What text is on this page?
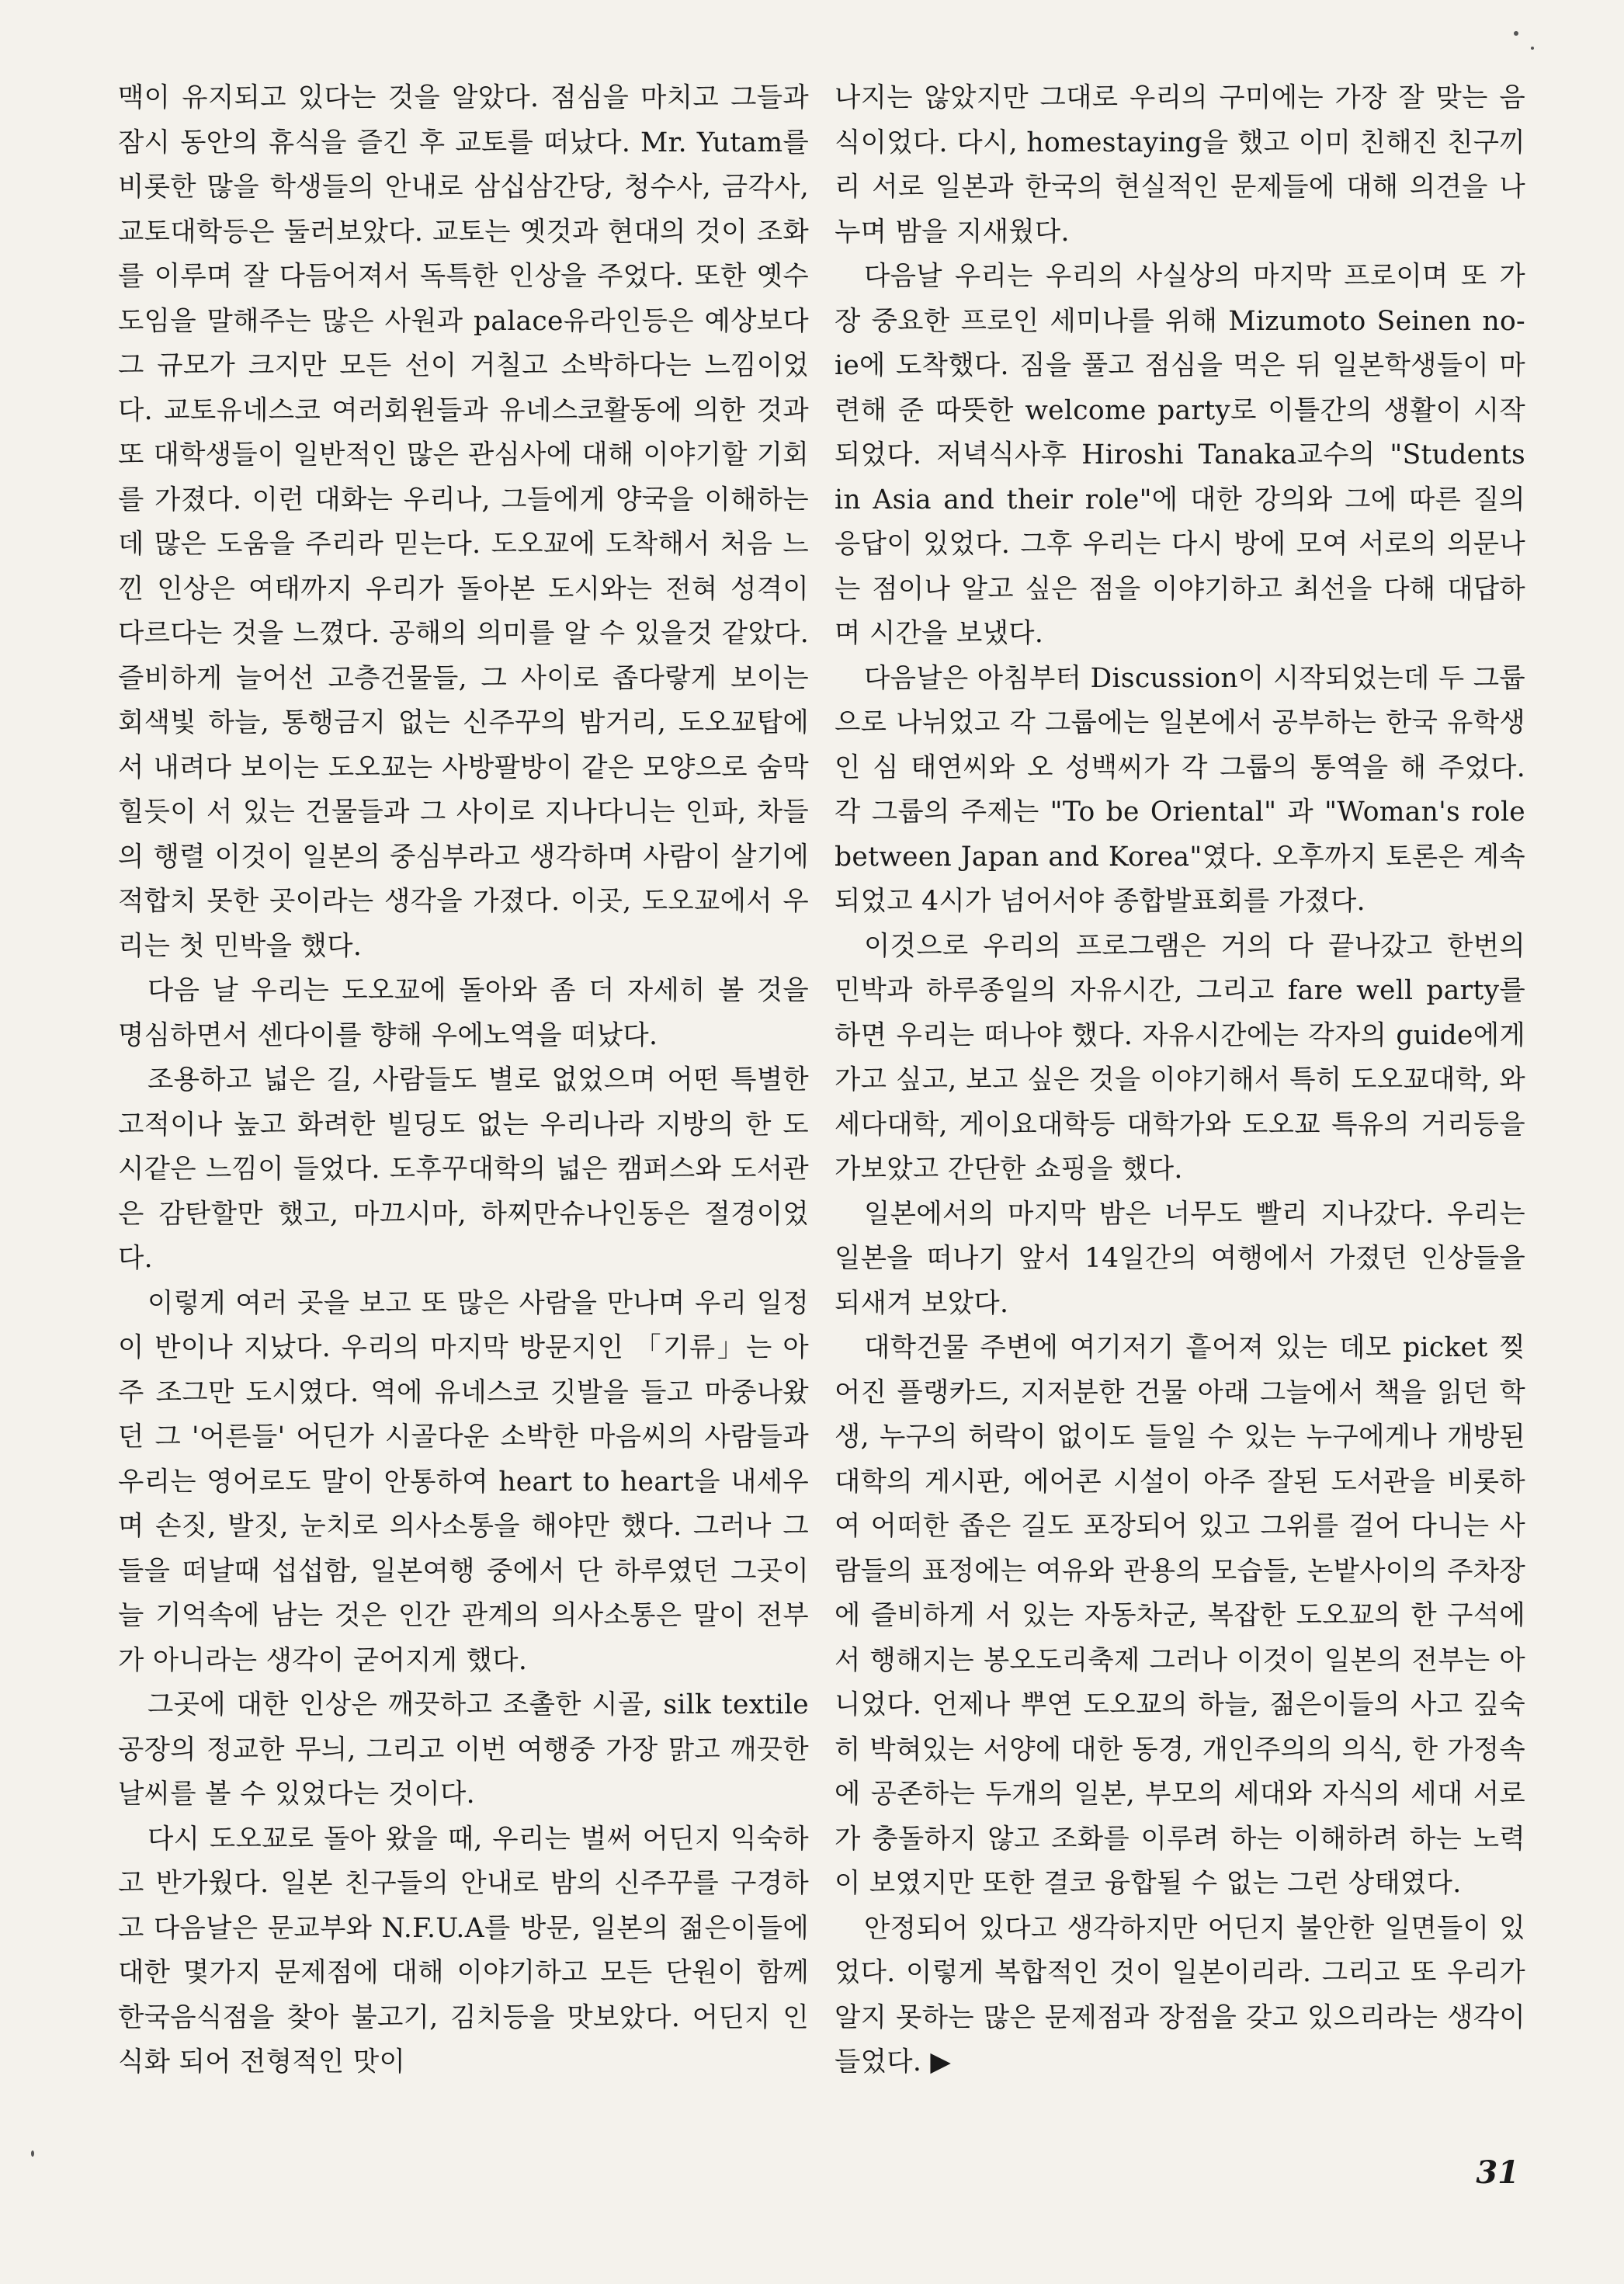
맥이 유지되고 있다는 것을 알았다. 점심을 마치고 그들과 잠시 동안의 휴식을 즐긴 후 교토를 떠났다. Mr. Yutam를 비롯한 많을 학생들의 안내로 삼십삼간당, 청수사, 금각사, 교토대학등은 둘러보았다. 교토는 옛것과 현대의 것이 조화를 이루며 잘 다듬어져서 독특한 인상을 주었다. 또한 옛수도임을 말해주는 많은 사원과 palace유라인등은 예상보다 그 규모가 크지만 모든 선이 거칠고 소박하다는 느낌이었다. 교토유네스코 여러회원들과 유네스코활동에 의한 것과 또 대학생들이 일반적인 많은 관심사에 대해 이야기할 기회를 가졌다. 이런 대화는 우리나, 그들에게 양국을 이해하는데 많은 도움을 주리라 믿는다. 도오꾜에 도착해서 처음 느낀 인상은 여태까지 우리가 돌아본 도시와는 전혀 성격이 다르다는 것을 느꼈다. 공해의 의미를 알 수 있을것 같았다. 즐비하게 늘어선 고층건물들, 그 사이로 좁다랗게 보이는 회색빛 하늘, 통행금지 없는 신주꾸의 밤거리, 도오꾜탑에서 내려다 보이는 도오꾜는 사방팔방이 같은 모양으로 숨막힐듯이 서 있는 건물들과 그 사이로 지나다니는 인파, 차들의 행렬 이것이 일본의 중심부라고 생각하며 사람이 살기에 적합치 못한 곳이라는 생각을 가졌다. 이곳, 도오꾜에서 우리는 첫 민박을 했다.

다음 날 우리는 도오꾜에 돌아와 좀 더 자세히 볼 것을 명심하면서 센다이를 향해 우에노역을 떠났다.

조용하고 넓은 길, 사람들도 별로 없었으며 어떤 특별한 고적이나 높고 화려한 빌딩도 없는 우리나라 지방의 한 도시같은 느낌이 들었다. 도후꾸대학의 넓은 캠퍼스와 도서관은 감탄할만 했고, 마끄시마, 하찌만슈나인동은 절경이었다.

이렇게 여러 곳을 보고 또 많은 사람을 만나며 우리 일정이 반이나 지났다. 우리의 마지막 방문지인 「기류」는 아주 조그만 도시였다. 역에 유네스코 깃발을 들고 마중나왔던 그 '어른들' 어딘가 시골다운 소박한 마음씨의 사람들과 우리는 영어로도 말이 안통하여 heart to heart을 내세우며 손짓, 발짓, 눈치로 의사소통을 해야만 했다. 그러나 그들을 떠날때 섭섭함, 일본여행 중에서 단 하루였던 그곳이 늘 기억속에 남는 것은 인간 관계의 의사소통은 말이 전부가 아니라는 생각이 굳어지게 했다.

그곳에 대한 인상은 깨끗하고 조촐한 시골, silk textile 공장의 정교한 무늬, 그리고 이번 여행중 가장 맑고 깨끗한 날씨를 볼 수 있었다는 것이다.

다시 도오꾜로 돌아 왔을 때, 우리는 벌써 어딘지 익숙하고 반가웠다. 일본 친구들의 안내로 밤의 신주꾸를 구경하고 다음날은 문교부와 N.F.U.A를 방문, 일본의 젊은이들에 대한 몇가지 문제점에 대해 이야기하고 모든 단원이 함께 한국음식점을 찾아 불고기, 김치등을 맛보았다. 어딘지 인식화 되어 전형적인 맛이

나지는 않았지만 그대로 우리의 구미에는 가장 잘 맞는 음식이었다. 다시, homestaying을 했고 이미 친해진 친구끼리 서로 일본과 한국의 현실적인 문제들에 대해 의견을 나누며 밤을 지새웠다.

다음날 우리는 우리의 사실상의 마지막 프로이며 또 가장 중요한 프로인 세미나를 위해 Mizumoto Seinen no-ie에 도착했다. 짐을 풀고 점심을 먹은 뒤 일본학생들이 마련해 준 따뜻한 welcome party로 이틀간의 생활이 시작되었다. 저녁식사후 Hiroshi Tanaka교수의 "Students in Asia and their role"에 대한 강의와 그에 따른 질의 응답이 있었다. 그후 우리는 다시 방에 모여 서로의 의문나는 점이나 알고 싶은 점을 이야기하고 최선을 다해 대답하며 시간을 보냈다.

다음날은 아침부터 Discussion이 시작되었는데 두 그룹으로 나뉘었고 각 그룹에는 일본에서 공부하는 한국 유학생인 심 태연씨와 오 성백씨가 각 그룹의 통역을 해 주었다. 각 그룹의 주제는 "To be Oriental" 과 "Woman's role between Japan and Korea"였다. 오후까지 토론은 계속되었고 4시가 넘어서야 종합발표회를 가졌다.

이것으로 우리의 프로그램은 거의 다 끝나갔고 한번의 민박과 하루종일의 자유시간, 그리고 fare well party를 하면 우리는 떠나야 했다. 자유시간에는 각자의 guide에게 가고 싶고, 보고 싶은 것을 이야기해서 특히 도오꾜대학, 와세다대학, 게이요대학등 대학가와 도오꾜 특유의 거리등을 가보았고 간단한 쇼핑을 했다.

일본에서의 마지막 밤은 너무도 빨리 지나갔다. 우리는 일본을 떠나기 앞서 14일간의 여행에서 가졌던 인상들을 되새겨 보았다.

대학건물 주변에 여기저기 흩어져 있는 데모 picket 찢어진 플랭카드, 지저분한 건물 아래 그늘에서 책을 읽던 학생, 누구의 허락이 없이도 들일 수 있는 누구에게나 개방된 대학의 게시판, 에어콘 시설이 아주 잘된 도서관을 비롯하여 어떠한 좁은 길도 포장되어 있고 그위를 걸어 다니는 사람들의 표정에는 여유와 관용의 모습들, 논밭사이의 주차장에 즐비하게 서 있는 자동차군, 복잡한 도오꾜의 한 구석에서 행해지는 봉오도리축제 그러나 이것이 일본의 전부는 아니었다. 언제나 뿌연 도오꾜의 하늘, 젊은이들의 사고 깊숙히 박혀있는 서양에 대한 동경, 개인주의의 의식, 한 가정속에 공존하는 두개의 일본, 부모의 세대와 자식의 세대 서로가 충돌하지 않고 조화를 이루려 하는 이해하려 하는 노력이 보였지만 또한 결코 융합될 수 없는 그런 상태였다.

안정되어 있다고 생각하지만 어딘지 불안한 일면들이 있었다. 이렇게 복합적인 것이 일본이리라. 그리고 또 우리가 알지 못하는 많은 문제점과 장점을 갖고 있으리라는 생각이 들었다. ▶

31
